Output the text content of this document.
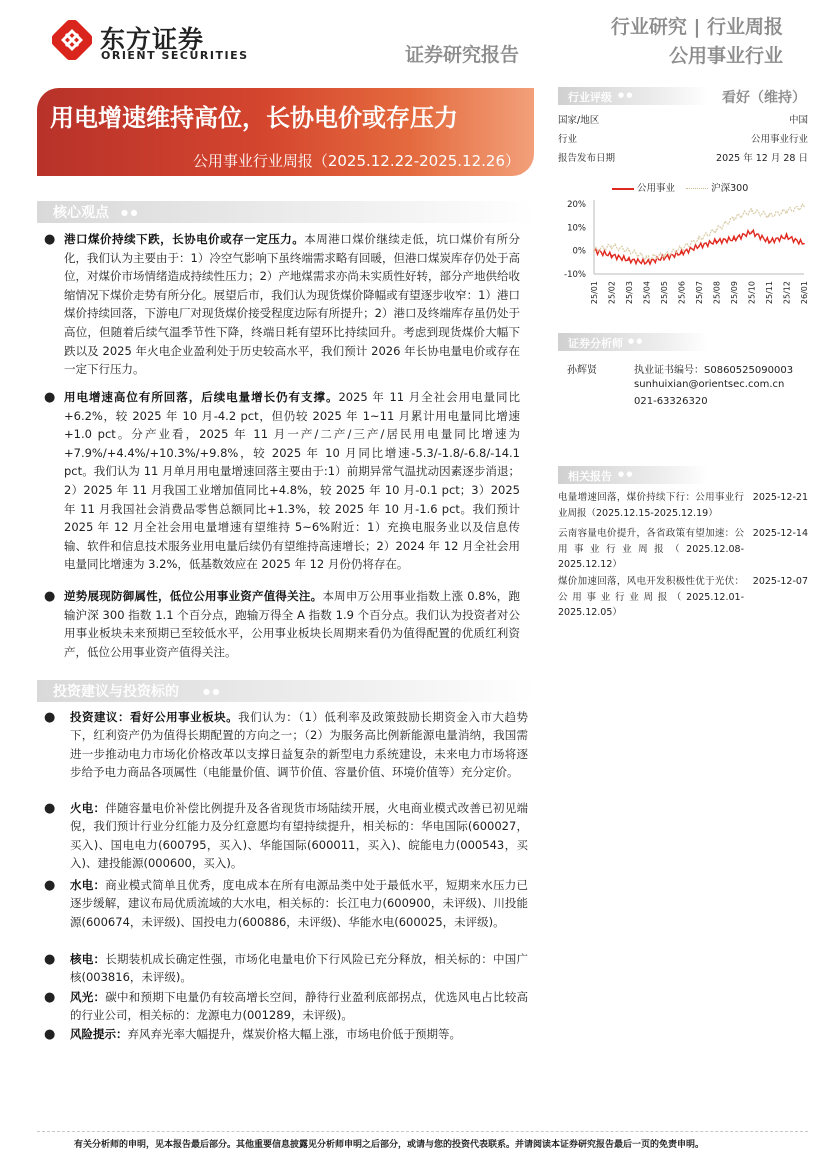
东方证券
ORIENT SECURITIES	证券研究报告
行业研究 | 行业周报
公用事业行业
用电增速维持高位，长协电价或存压力
公用事业行业周报（2025.12.22-2025.12.26）
核心观点 ● ●
● 港口煤价持续下跌，长协电价或存一定压力。本周港口煤价继续走低，坑口煤价有所分化，我们认为主要由于：1）冷空气影响下虽终端需求略有回暖，但港口煤炭库存仍处于高位，对煤价市场情绪造成持续性压力；2）产地煤需求亦尚未实质性好转，部分产地供给收缩情况下煤价走势有所分化。展望后市，我们认为现货煤价降幅或有望逐步收窄：1）港口煤价持续回落，下游电厂对现货煤价接受程度边际有所提升；2）港口及终端库存虽仍处于高位，但随着后续气温季节性下降，终端日耗有望环比持续回升。考虑到现货煤价大幅下跌以及 2025 年火电企业盈利处于历史较高水平，我们预计 2026 年长协电量电价或存在一定下行压力。
● 用电增速高位有所回落，后续电量增长仍有支撑。2025 年 11 月全社会用电量同比+6.2%，较 2025 年 10 月-4.2 pct，但仍较 2025 年 1~11 月累计用电量同比增速+1.0 pct。分产业看，2025 年 11 月一产/二产/三产/居民用电量同比增速为+7.9%/+4.4%/+10.3%/+9.8%，较 2025 年 10 月同比增速-5.3/-1.8/-6.8/-14.1 pct。我们认为 11 月单月用电量增速回落主要由于:1）前期异常气温扰动因素逐步消退；2）2025 年 11 月我国工业增加值同比+4.8%，较 2025 年 10 月-0.1 pct；3）2025 年 11 月我国社会消费品零售总额同比+1.3%，较 2025 年 10 月-1.6 pct。我们预计 2025 年 12 月全社会用电量增速有望维持 5~6%附近：1）充换电服务业以及信息传输、软件和信息技术服务业用电量后续仍有望维持高速增长；2）2024 年 12 月全社会用电量同比增速为 3.2%，低基数效应在 2025 年 12 月份仍将存在。
● 逆势展现防御属性，低位公用事业资产值得关注。本周申万公用事业指数上涨 0.8%，跑输沪深 300 指数 1.1 个百分点，跑输万得全 A 指数 1.9 个百分点。我们认为投资者对公用事业板块未来预期已至较低水平，公用事业板块长周期来看仍为值得配置的优质红利资产，低位公用事业资产值得关注。
投资建议与投资标的	● ●
● 投资建议：看好公用事业板块。我们认为：（1）低利率及政策鼓励长期资金入市大趋势下，红利资产仍为值得长期配置的方向之一；（2）为服务高比例新能源电量消纳，我国需进一步推动电力市场化价格改革以支撑日益复杂的新型电力系统建设，未来电力市场将逐步给予电力商品各项属性（电能量价值、调节价值、容量价值、环境价值等）充分定价。
● 火电：伴随容量电价补偿比例提升及各省现货市场陆续开展，火电商业模式改善已初见端倪，我们预计行业分红能力及分红意愿均有望持续提升，相关标的：华电国际(600027，买入)、国电电力(600795，买入)、华能国际(600011，买入)、皖能电力(000543，买入)、建投能源(000600，买入)。
● 水电：商业模式简单且优秀，度电成本在所有电源品类中处于最低水平，短期来水压力已逐步缓解，建议布局优质流域的大水电，相关标的：长江电力(600900，未评级)、川投能源(600674，未评级)、国投电力(600886，未评级)、华能水电(600025，未评级)。
● 核电：长期装机成长确定性强，市场化电量电价下行风险已充分释放，相关标的：中国广核(003816，未评级)。
● 风光：碳中和预期下电量仍有较高增长空间，静待行业盈利底部拐点，优选风电占比较高的行业公司，相关标的：龙源电力(001289，未评级)。
● 风险提示：弃风弃光率大幅提升，煤炭价格大幅上涨，市场电价低于预期等。
行业评级 ● ●	看好（维持）
国家/地区	中国
行业	公用事业行业
报告发布日期	2025 年 12 月 28 日
公用事业	沪深300
20%
10%
0%
-10%
25/01 25/02 25/03 25/04 25/05 25/06 25/07 25/08 25/09 25/10 25/11 25/12 26/01
证券分析师 ● ●
孙辉贤	执业证书编号：S0860525090003
sunhuixian@orientsec.com.cn
021-63326320
相关报告 ● ●
电量增速回落，煤价持续下行：公用事业行业周报（2025.12.15-2025.12.19）
2025-12-21
云南容量电价提升，各省政策有望加速：公用事业行业周报（2025.12.08-2025.12.12）
2025-12-14
煤价加速回落，风电开发积极性优于光伏：公用事业行业周报（2025.12.01-2025.12.05）
2025-12-07
有关分析师的申明，见本报告最后部分。其他重要信息披露见分析师申明之后部分，或请与您的投资代表联系。并请阅读本证券研究报告最后一页的免责申明。
